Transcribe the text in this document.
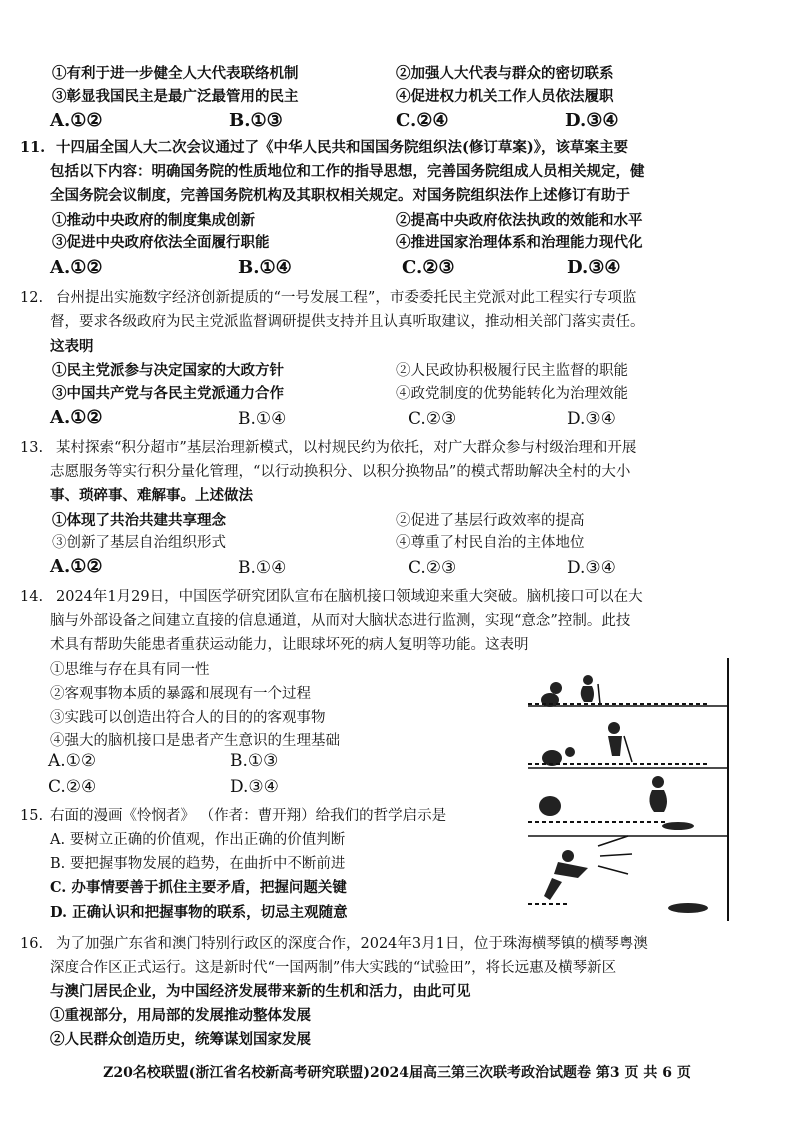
①有利于进一步健全人大代表联络机制	②加强人大代表与群众的密切联系
③彰显我国民主是最广泛最管用的民主	④促进权力机关工作人员依法履职
A.①②	B.①③	C.②④	D.③④
11. 十四届全国人大二次会议通过了《中华人民共和国国务院组织法(修订草案)》，该草案主要
包括以下内容：明确国务院的性质地位和工作的指导思想，完善国务院组成人员相关规定，健
全国务院会议制度，完善国务院机构及其职权相关规定。对国务院组织法作上述修订有助于
①推动中央政府的制度集成创新	②提高中央政府依法执政的效能和水平
③促进中央政府依法全面履行职能	④推进国家治理体系和治理能力现代化
A.①②	B.①④	C.②③	D.③④
12. 台州提出实施数字经济创新提质的“一号发展工程”，市委委托民主党派对此工程实行专项监
督，要求各级政府为民主党派监督调研提供支持并且认真听取建议，推动相关部门落实责任。
这表明
①民主党派参与决定国家的大政方针	②人民政协积极履行民主监督的职能
③中国共产党与各民主党派通力合作	④政党制度的优势能转化为治理效能
A.①②	B.①④	C.②③	D.③④
13. 某村探索“积分超市”基层治理新模式，以村规民约为依托，对广大群众参与村级治理和开展
志愿服务等实行积分量化管理，“以行动换积分、以积分换物品”的模式帮助解决全村的大小
事、琐碎事、难解事。上述做法
①体现了共治共建共享理念	②促进了基层行政效率的提高
③创新了基层自治组织形式	④尊重了村民自治的主体地位
A.①②	B.①④	C.②③	D.③④
14. 2024年1月29日，中国医学研究团队宣布在脑机接口领域迎来重大突破。脑机接口可以在大
脑与外部设备之间建立直接的信息通道，从而对大脑状态进行监测，实现“意念”控制。此技
术具有帮助失能患者重获运动能力，让眼球坏死的病人复明等功能。这表明
①思维与存在具有同一性
②客观事物本质的暴露和展现有一个过程
③实践可以创造出符合人的目的的客观事物
④强大的脑机接口是患者产生意识的生理基础
A.①②	B.①③
C.②④	D.③④
15. 右面的漫画《怜悯者》 （作者：曹开翔）给我们的哲学启示是
A. 要树立正确的价值观，作出正确的价值判断
B. 要把握事物发展的趋势，在曲折中不断前进
C. 办事情要善于抓住主要矛盾，把握问题关键
D. 正确认识和把握事物的联系，切忌主观随意
16. 为了加强广东省和澳门特别行政区的深度合作，2024年3月1日，位于珠海横琴镇的横琴粤澳
深度合作区正式运行。这是新时代“一国两制”伟大实践的“试验田”，将长远惠及横琴新区
与澳门居民企业，为中国经济发展带来新的生机和活力，由此可见
①重视部分，用局部的发展推动整体发展
②人民群众创造历史，统筹谋划国家发展
Z20名校联盟(浙江省名校新高考研究联盟)2024届高三第三次联考政治试题卷 第3 页 共 6 页
